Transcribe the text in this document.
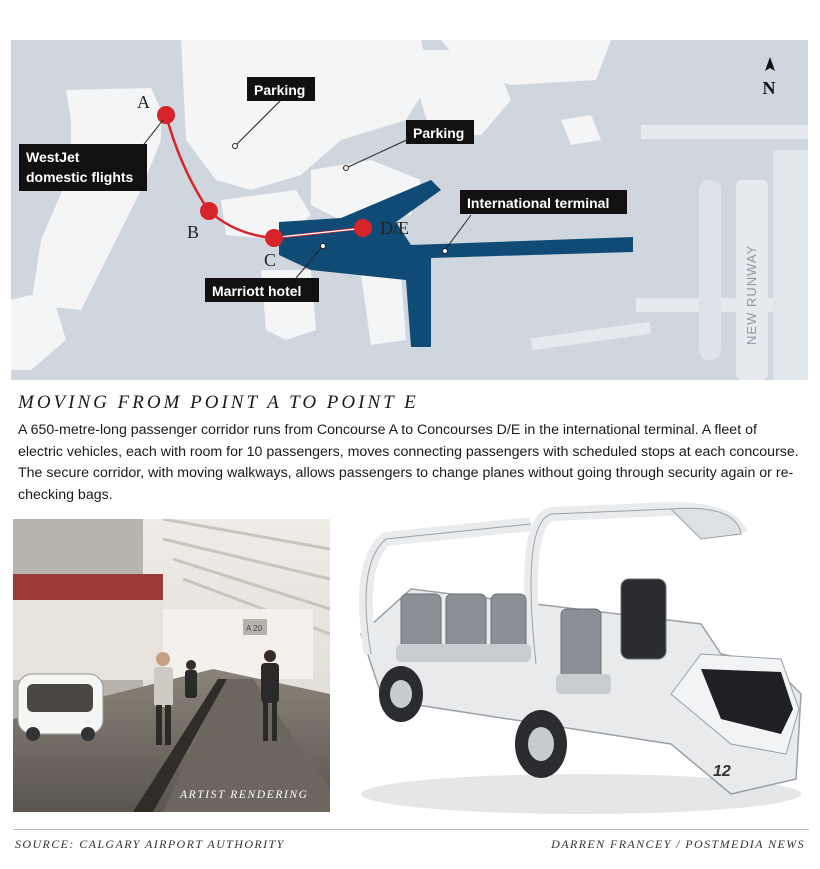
NEW RUNWAY
A
B
C
D/E
Parking
Parking
WestJet
domestic flights
International terminal
Marriott hotel
N
MOVING FROM POINT A TO POINT E

A 650-metre-long passenger corridor runs from Concourse A to Concourses D/E in the international terminal. A fleet of electric vehicles, each with room for 10 passengers, moves connecting passengers with scheduled stops at each concourse. The secure corridor, with moving walkways, allows passengers to change planes without going through security again or re-checking bags.

A 20
ARTIST RENDERING
12
SOURCE: CALGARY AIRPORT AUTHORITY	DARREN FRANCEY / POSTMEDIA NEWS
